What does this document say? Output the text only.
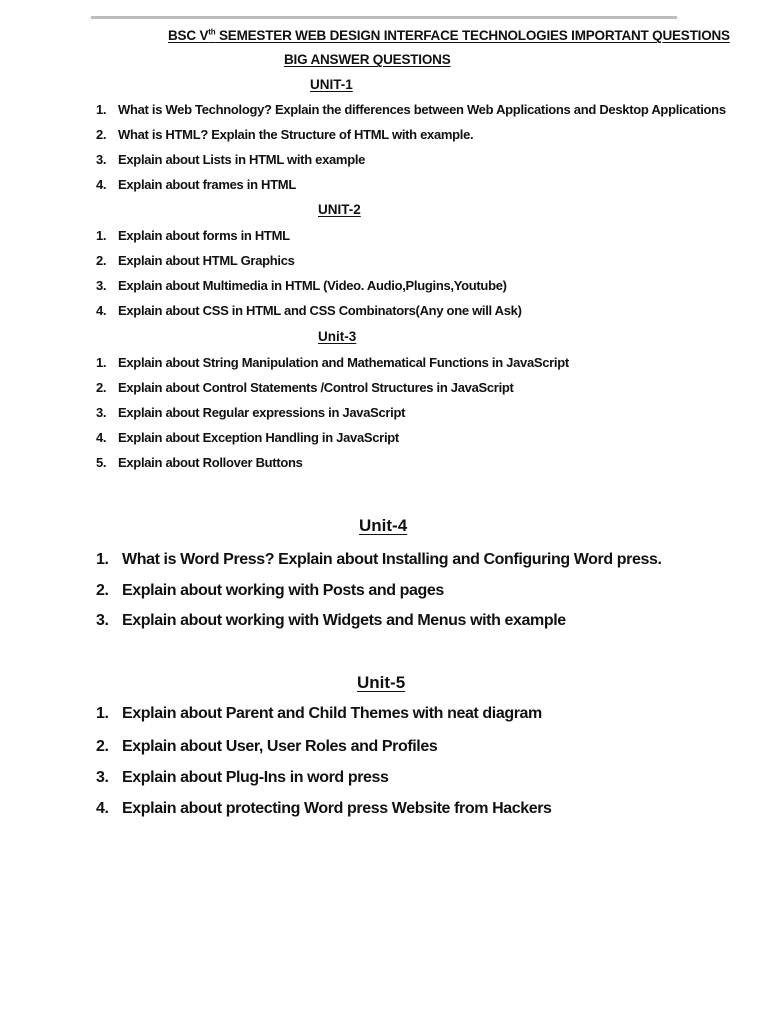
BSC Vth SEMESTER WEB DESIGN INTERFACE TECHNOLOGIES IMPORTANT QUESTIONS
BIG ANSWER QUESTIONS
UNIT-1
1. What is Web Technology? Explain the differences between Web Applications and Desktop Applications
2. What is HTML? Explain the Structure of HTML with example.
3. Explain about Lists in HTML with example
4. Explain about frames in HTML
UNIT-2
1. Explain about forms in HTML
2. Explain about HTML Graphics
3. Explain about Multimedia in HTML (Video. Audio,Plugins,Youtube)
4. Explain about CSS in HTML and CSS Combinators(Any one will Ask)
Unit-3
1. Explain about String Manipulation and Mathematical Functions in JavaScript
2. Explain about Control Statements /Control Structures in JavaScript
3. Explain about Regular expressions in JavaScript
4. Explain about Exception Handling in JavaScript
5. Explain about Rollover Buttons
Unit-4
1. What is Word Press? Explain about Installing and Configuring Word press.
2. Explain about working with Posts and pages
3. Explain about working with Widgets and Menus with example
Unit-5
1. Explain about Parent and Child Themes with neat diagram
2. Explain about User, User Roles and Profiles
3. Explain about Plug-Ins in word press
4. Explain about protecting Word press Website from Hackers
